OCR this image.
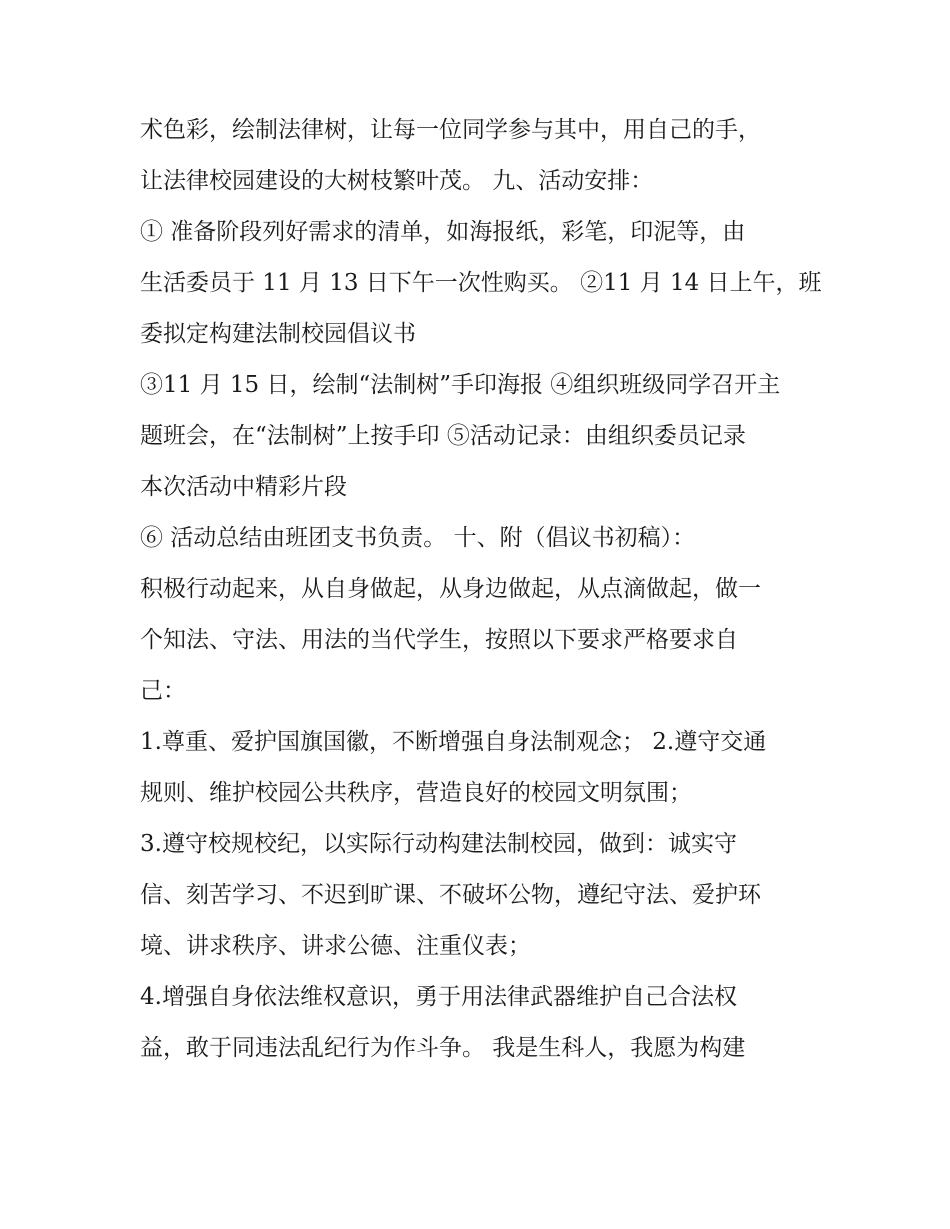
术色彩，绘制法律树，让每一位同学参与其中，用自己的手，
让法律校园建设的大树枝繁叶茂。 九、活动安排：
① 准备阶段列好需求的清单，如海报纸，彩笔，印泥等，由
生活委员于 11 月 13 日下午一次性购买。 ②11 月 14 日上午，班
委拟定构建法制校园倡议书
③11 月 15 日，绘制“法制树”手印海报 ④组织班级同学召开主
题班会，在“法制树”上按手印 ⑤活动记录：由组织委员记录
本次活动中精彩片段
⑥ 活动总结由班团支书负责。 十、附（倡议书初稿）：
积极行动起来，从自身做起，从身边做起，从点滴做起，做一
个知法、守法、用法的当代学生，按照以下要求严格要求自
己：
1.尊重、爱护国旗国徽，不断增强自身法制观念； 2.遵守交通
规则、维护校园公共秩序，营造良好的校园文明氛围；
3.遵守校规校纪，以实际行动构建法制校园，做到：诚实守
信、刻苦学习、不迟到旷课、不破坏公物，遵纪守法、爱护环
境、讲求秩序、讲求公德、注重仪表；
4.增强自身依法维权意识，勇于用法律武器维护自己合法权
益，敢于同违法乱纪行为作斗争。 我是生科人，我愿为构建
